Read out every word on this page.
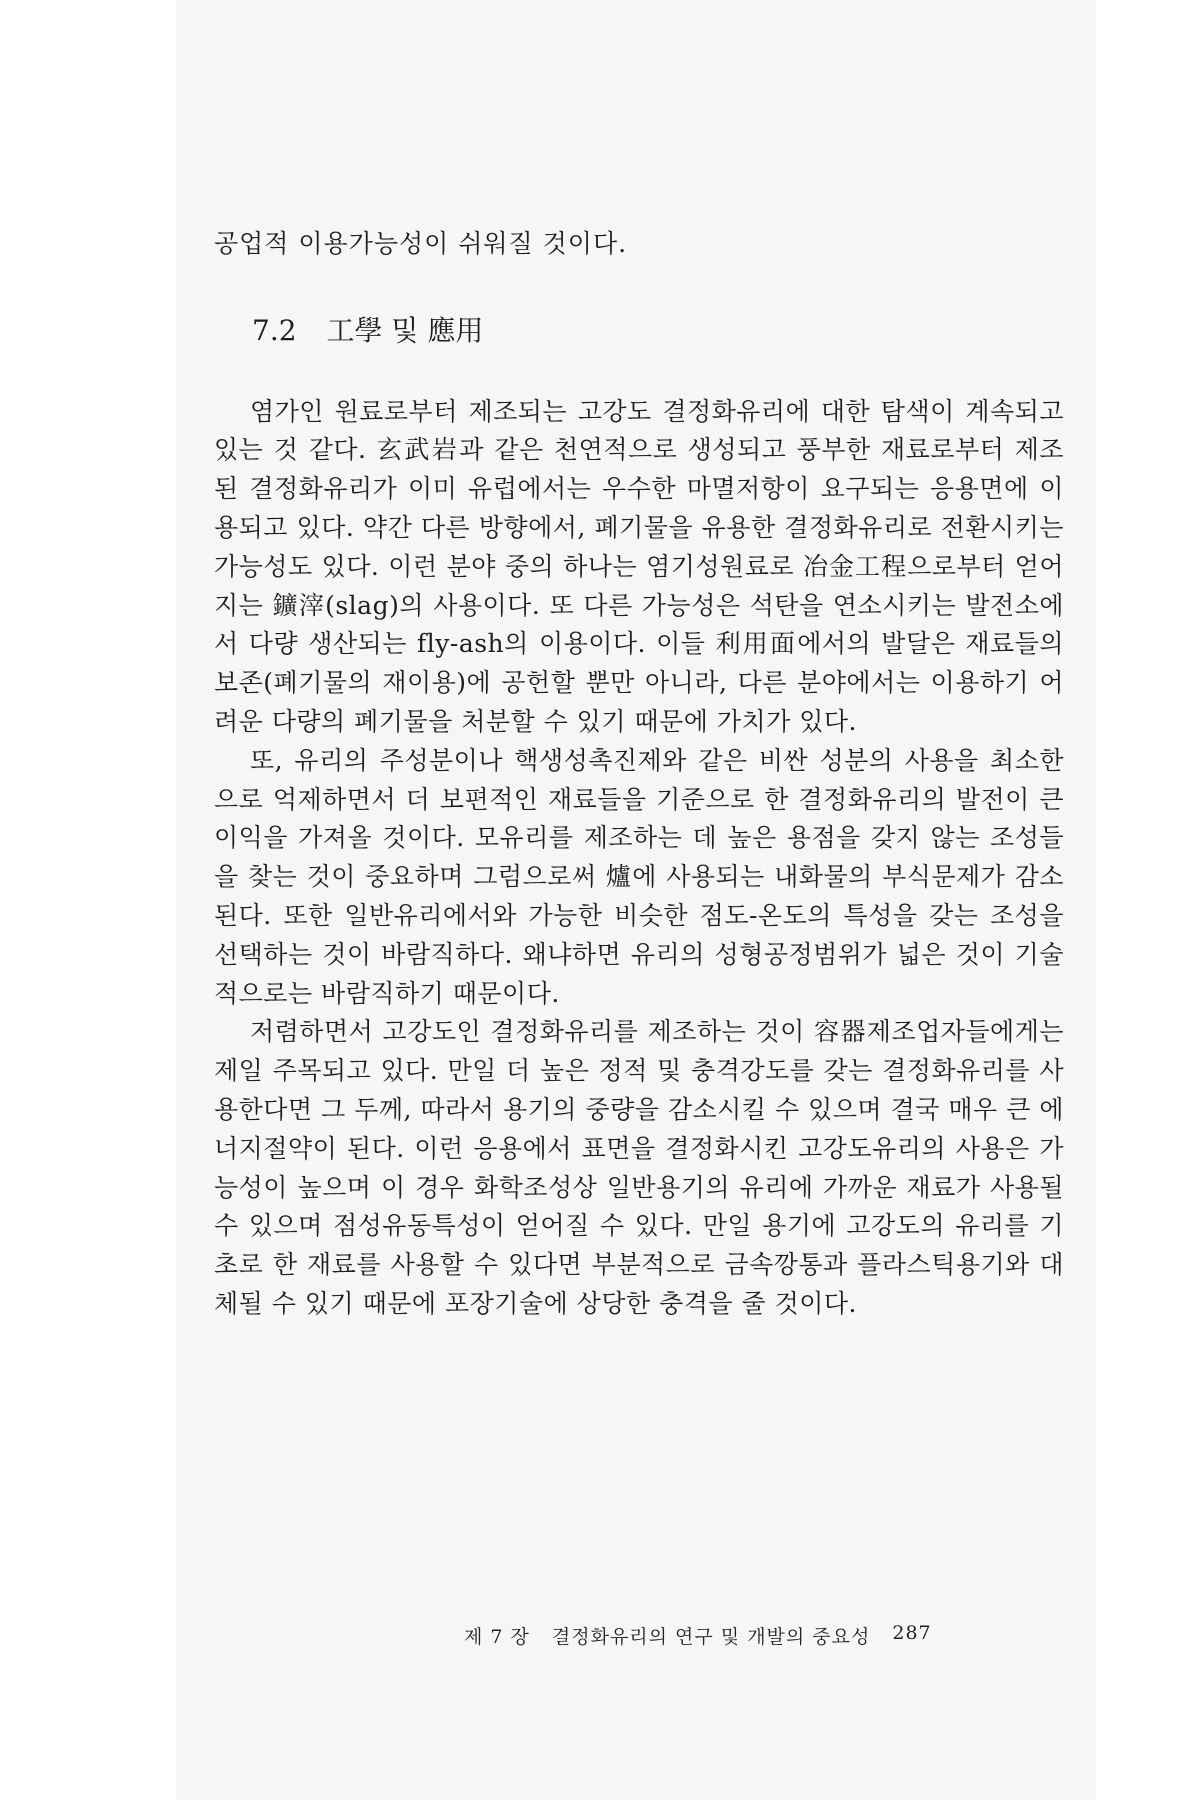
공업적 이용가능성이 쉬워질 것이다.

7.2 工學 및 應用

염가인 원료로부터 제조되는 고강도 결정화유리에 대한 탐색이 계속되고 있는 것 같다. 玄武岩과 같은 천연적으로 생성되고 풍부한 재료로부터 제조된 결정화유리가 이미 유럽에서는 우수한 마멸저항이 요구되는 응용면에 이용되고 있다. 약간 다른 방향에서, 폐기물을 유용한 결정화유리로 전환시키는 가능성도 있다. 이런 분야 중의 하나는 염기성원료로 冶金工程으로부터 얻어지는 鑛滓(slag)의 사용이다. 또 다른 가능성은 석탄을 연소시키는 발전소에서 다량 생산되는 fly-ash의 이용이다. 이들 利用面에서의 발달은 재료들의 보존(폐기물의 재이용)에 공헌할 뿐만 아니라, 다른 분야에서는 이용하기 어려운 다량의 폐기물을 처분할 수 있기 때문에 가치가 있다.

또, 유리의 주성분이나 핵생성촉진제와 같은 비싼 성분의 사용을 최소한으로 억제하면서 더 보편적인 재료들을 기준으로 한 결정화유리의 발전이 큰 이익을 가져올 것이다. 모유리를 제조하는 데 높은 용점을 갖지 않는 조성들을 찾는 것이 중요하며 그럼으로써 爐에 사용되는 내화물의 부식문제가 감소된다. 또한 일반유리에서와 가능한 비슷한 점도-온도의 특성을 갖는 조성을 선택하는 것이 바람직하다. 왜냐하면 유리의 성형공정범위가 넓은 것이 기술적으로는 바람직하기 때문이다.

저렴하면서 고강도인 결정화유리를 제조하는 것이 容器제조업자들에게는 제일 주목되고 있다. 만일 더 높은 정적 및 충격강도를 갖는 결정화유리를 사용한다면 그 두께, 따라서 용기의 중량을 감소시킬 수 있으며 결국 매우 큰 에너지절약이 된다. 이런 응용에서 표면을 결정화시킨 고강도유리의 사용은 가능성이 높으며 이 경우 화학조성상 일반용기의 유리에 가까운 재료가 사용될 수 있으며 점성유동특성이 얻어질 수 있다. 만일 용기에 고강도의 유리를 기초로 한 재료를 사용할 수 있다면 부분적으로 금속깡통과 플라스틱용기와 대체될 수 있기 때문에 포장기술에 상당한 충격을 줄 것이다.

제 7 장 결정화유리의 연구 및 개발의 중요성 287
